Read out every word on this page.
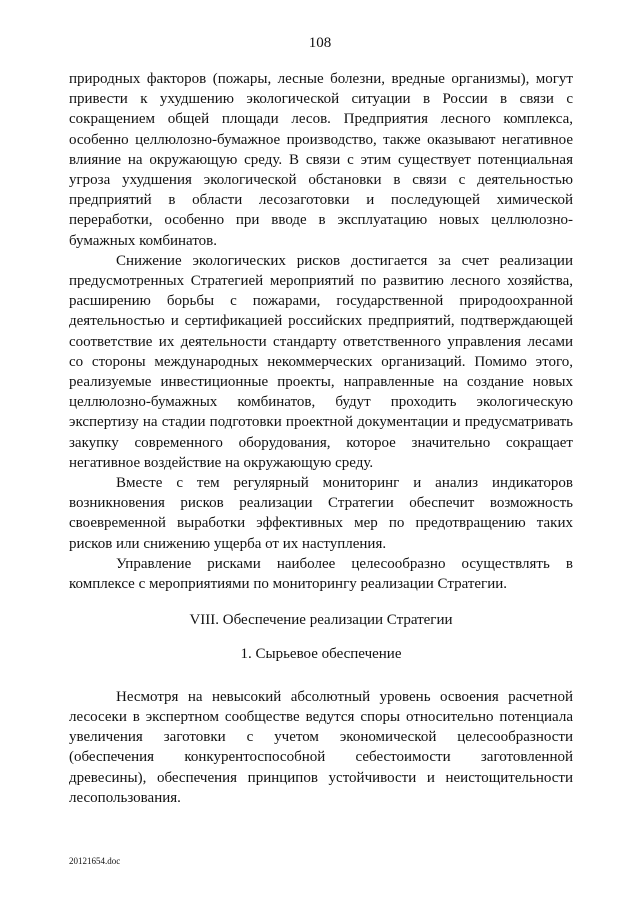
108

природных факторов (пожары, лесные болезни, вредные организмы), могут привести к ухудшению экологической ситуации в России в связи с сокращением общей площади лесов. Предприятия лесного комплекса, особенно целлюлозно-бумажное производство, также оказывают негативное влияние на окружающую среду. В связи с этим существует потенциальная угроза ухудшения экологической обстановки в связи с деятельностью предприятий в области лесозаготовки и последующей химической переработки, особенно при вводе в эксплуатацию новых целлюлозно-бумажных комбинатов.

Снижение экологических рисков достигается за счет реализации предусмотренных Стратегией мероприятий по развитию лесного хозяйства, расширению борьбы с пожарами, государственной природоохранной деятельностью и сертификацией российских предприятий, подтверждающей соответствие их деятельности стандарту ответственного управления лесами со стороны международных некоммерческих организаций. Помимо этого, реализуемые инвестиционные проекты, направленные на создание новых целлюлозно-бумажных комбинатов, будут проходить экологическую экспертизу на стадии подготовки проектной документации и предусматривать закупку современного оборудования, которое значительно сокращает негативное воздействие на окружающую среду.

Вместе с тем регулярный мониторинг и анализ индикаторов возникновения рисков реализации Стратегии обеспечит возможность своевременной выработки эффективных мер по предотвращению таких рисков или снижению ущерба от их наступления.

Управление рисками наиболее целесообразно осуществлять в комплексе с мероприятиями по мониторингу реализации Стратегии.

VIII. Обеспечение реализации Стратегии

1. Сырьевое обеспечение

Несмотря на невысокий абсолютный уровень освоения расчетной лесосеки в экспертном сообществе ведутся споры относительно потенциала увеличения заготовки с учетом экономической целесообразности (обеспечения конкурентоспособной себестоимости заготовленной древесины), обеспечения принципов устойчивости и неистощительности лесопользования.

20121654.doc
